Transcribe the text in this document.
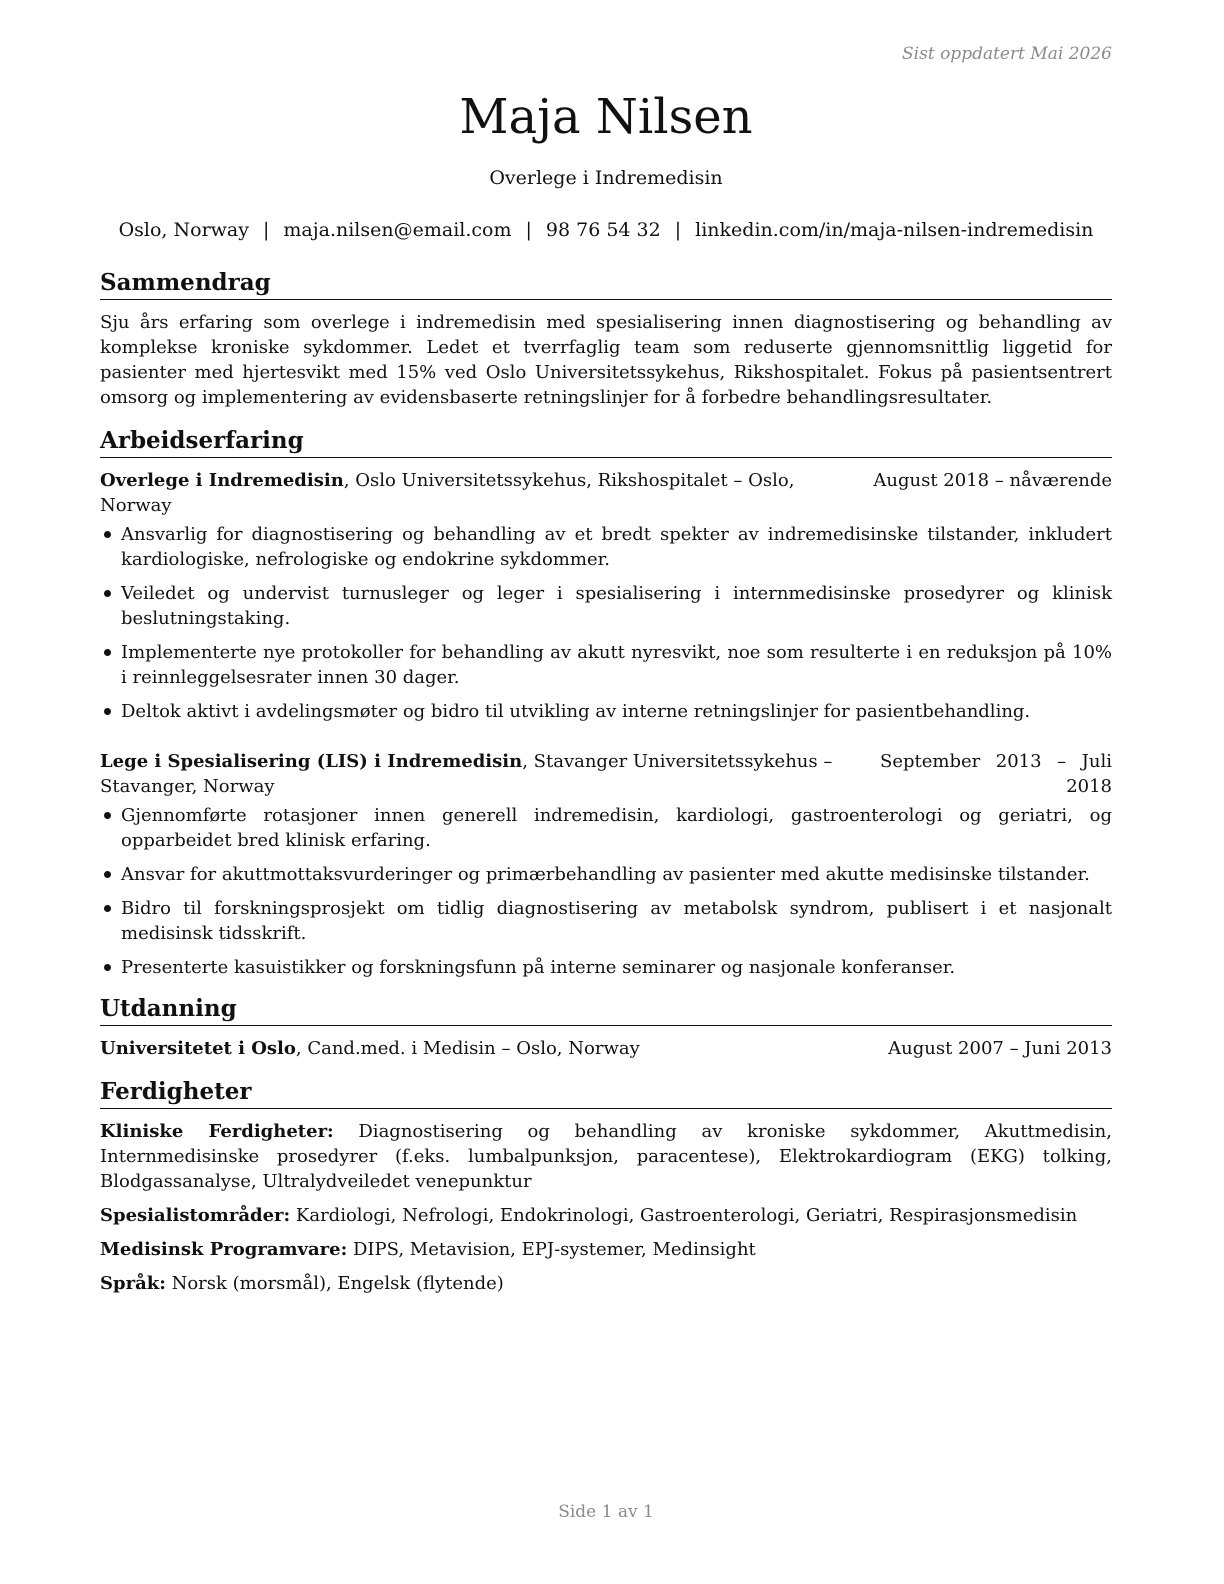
Sist oppdatert Mai 2026
Maja Nilsen
Overlege i Indremedisin
Oslo, Norway | maja.nilsen@email.com | 98 76 54 32 | linkedin.com/in/maja-nilsen-indremedisin
Sammendrag

Sju års erfaring som overlege i indremedisin med spesialisering innen diagnostisering og behandling av komplekse kroniske sykdommer. Ledet et tverrfaglig team som reduserte gjennomsnittlig liggetid for pasienter med hjertesvikt med 15% ved Oslo Universitetssykehus, Rikshospitalet. Fokus på pasientsentrert omsorg og implementering av evidensbaserte retningslinjer for å forbedre behandlingsresultater.

Arbeidserfaring
Overlege i Indremedisin, Oslo Universitetssykehus, Rikshospitalet – Oslo, Norway
August 2018 – nåværende
Ansvarlig for diagnostisering og behandling av et bredt spekter av indremedisinske tilstander, inkludert kardiologiske, nefrologiske og endokrine sykdommer.
Veiledet og undervist turnusleger og leger i spesialisering i internmedisinske prosedyrer og klinisk beslutningstaking.
Implementerte nye protokoller for behandling av akutt nyresvikt, noe som resulterte i en reduksjon på 10% i reinnleggelsesrater innen 30 dager.
Deltok aktivt i avdelingsmøter og bidro til utvikling av interne retningslinjer for pasientbehandling.
Lege i Spesialisering (LIS) i Indremedisin, Stavanger Universitetssykehus – Stavanger, Norway
September 2013 – Juli 2018
Gjennomførte rotasjoner innen generell indremedisin, kardiologi, gastroenterologi og geriatri, og opparbeidet bred klinisk erfaring.
Ansvar for akuttmottaksvurderinger og primærbehandling av pasienter med akutte medisinske tilstander.
Bidro til forskningsprosjekt om tidlig diagnostisering av metabolsk syndrom, publisert i et nasjonalt medisinsk tidsskrift.
Presenterte kasuistikker og forskningsfunn på interne seminarer og nasjonale konferanser.
Utdanning
Universitetet i Oslo, Cand.med. i Medisin – Oslo, Norway	August 2007 – Juni 2013
Ferdigheter

Kliniske Ferdigheter: Diagnostisering og behandling av kroniske sykdommer, Akuttmedisin, Internmedisinske prosedyrer (f.eks. lumbalpunksjon, paracentese), Elektrokardiogram (EKG) tolking, Blodgassanalyse, Ultralydveiledet venepunktur

Spesialistområder: Kardiologi, Nefrologi, Endokrinologi, Gastroenterologi, Geriatri, Respirasjonsmedisin

Medisinsk Programvare: DIPS, Metavision, EPJ-systemer, Medinsight

Språk: Norsk (morsmål), Engelsk (flytende)

Side 1 av 1
